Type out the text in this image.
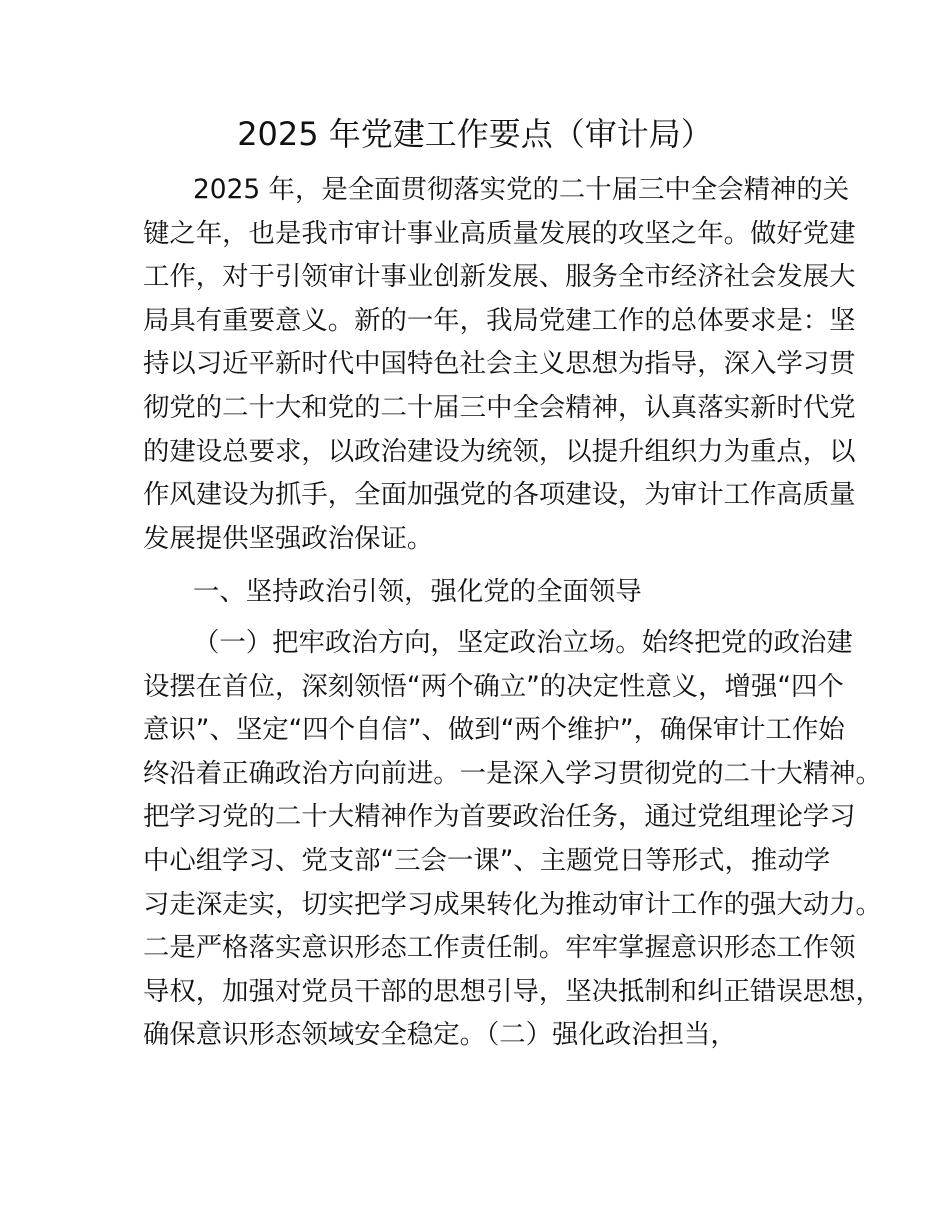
2025 年党建工作要点（审计局）
2025 年，是全面贯彻落实党的二十届三中全会精神的关
键之年，也是我市审计事业高质量发展的攻坚之年。做好党建
工作，对于引领审计事业创新发展、服务全市经济社会发展大
局具有重要意义。新的一年，我局党建工作的总体要求是：坚
持以习近平新时代中国特色社会主义思想为指导，深入学习贯
彻党的二十大和党的二十届三中全会精神，认真落实新时代党
的建设总要求，以政治建设为统领，以提升组织力为重点，以
作风建设为抓手，全面加强党的各项建设，为审计工作高质量
发展提供坚强政治保证。
一、坚持政治引领，强化党的全面领导
（一）把牢政治方向，坚定政治立场。始终把党的政治建
设摆在首位，深刻领悟“两个确立”的决定性意义，增强“四个
意识”、坚定“四个自信”、做到“两个维护”，确保审计工作始
终沿着正确政治方向前进。一是深入学习贯彻党的二十大精神。
把学习党的二十大精神作为首要政治任务，通过党组理论学习
中心组学习、党支部“三会一课”、主题党日等形式，推动学
习走深走实，切实把学习成果转化为推动审计工作的强大动力。
二是严格落实意识形态工作责任制。牢牢掌握意识形态工作领
导权，加强对党员干部的思想引导，坚决抵制和纠正错误思想，
确保意识形态领域安全稳定。（二）强化政治担当，
